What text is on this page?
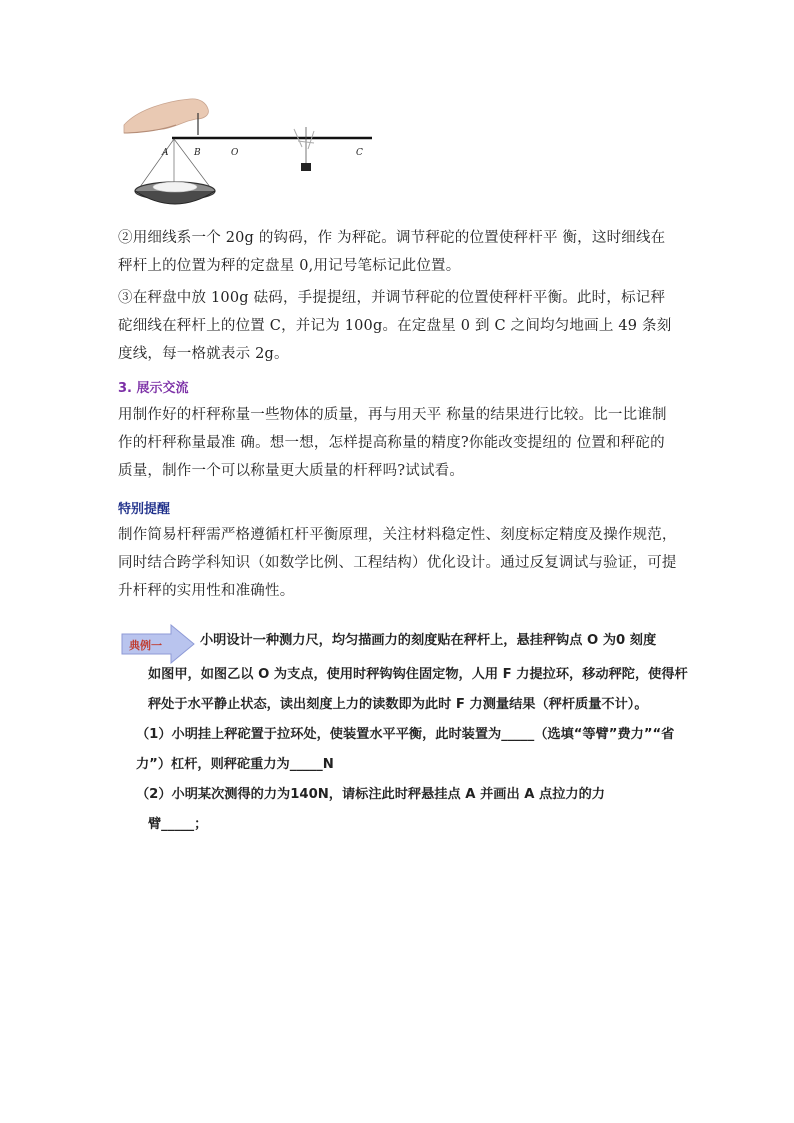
A	B	O	C
②用细线系一个 20g 的钩码，作 为秤砣。调节秤砣的位置使秤杆平 衡，这时细线在秤杆上的位置为秤的定盘星 0,用记号笔标记此位置。
③在秤盘中放 100g 砝码，手提提纽，并调节秤砣的位置使秤杆平衡。此时，标记秤砣细线在秤杆上的位置 C，并记为 100g。在定盘星 0 到 C 之间均匀地画上 49 条刻度线，每一格就表示 2g。
3. 展示交流
用制作好的杆秤称量一些物体的质量，再与用天平 称量的结果进行比较。比一比谁制作的杆秤称量最准 确。想一想，怎样提高称量的精度?你能改变提纽的 位置和秤砣的质量，制作一个可以称量更大质量的杆秤吗?试试看。
特别提醒
制作简易杆秤需严格遵循杠杆平衡原理，关注材料稳定性、刻度标定精度及操作规范，同时结合跨学科知识（如数学比例、工程结构）优化设计。通过反复调试与验证，可提升杆秤的实用性和准确性。
典例一	小明设计一种测力尺，均匀描画力的刻度贴在秤杆上，悬挂秤钩点 O 为0 刻度

如图甲，如图乙以 O 为支点，使用时秤钩钩住固定物，人用 F 力提拉环，移动秤陀，使得杆秤处于水平静止状态，读出刻度上力的读数即为此时 F 力测量结果（秤杆质量不计）。

（1）小明挂上秤砣置于拉环处，使装置水平平衡，此时装置为_____（选填“等臂”费力”“省力”）杠杆，则秤砣重力为_____N

（2）小明某次测得的力为140N，请标注此时秤悬挂点 A 并画出 A 点拉力的力

臂_____；
